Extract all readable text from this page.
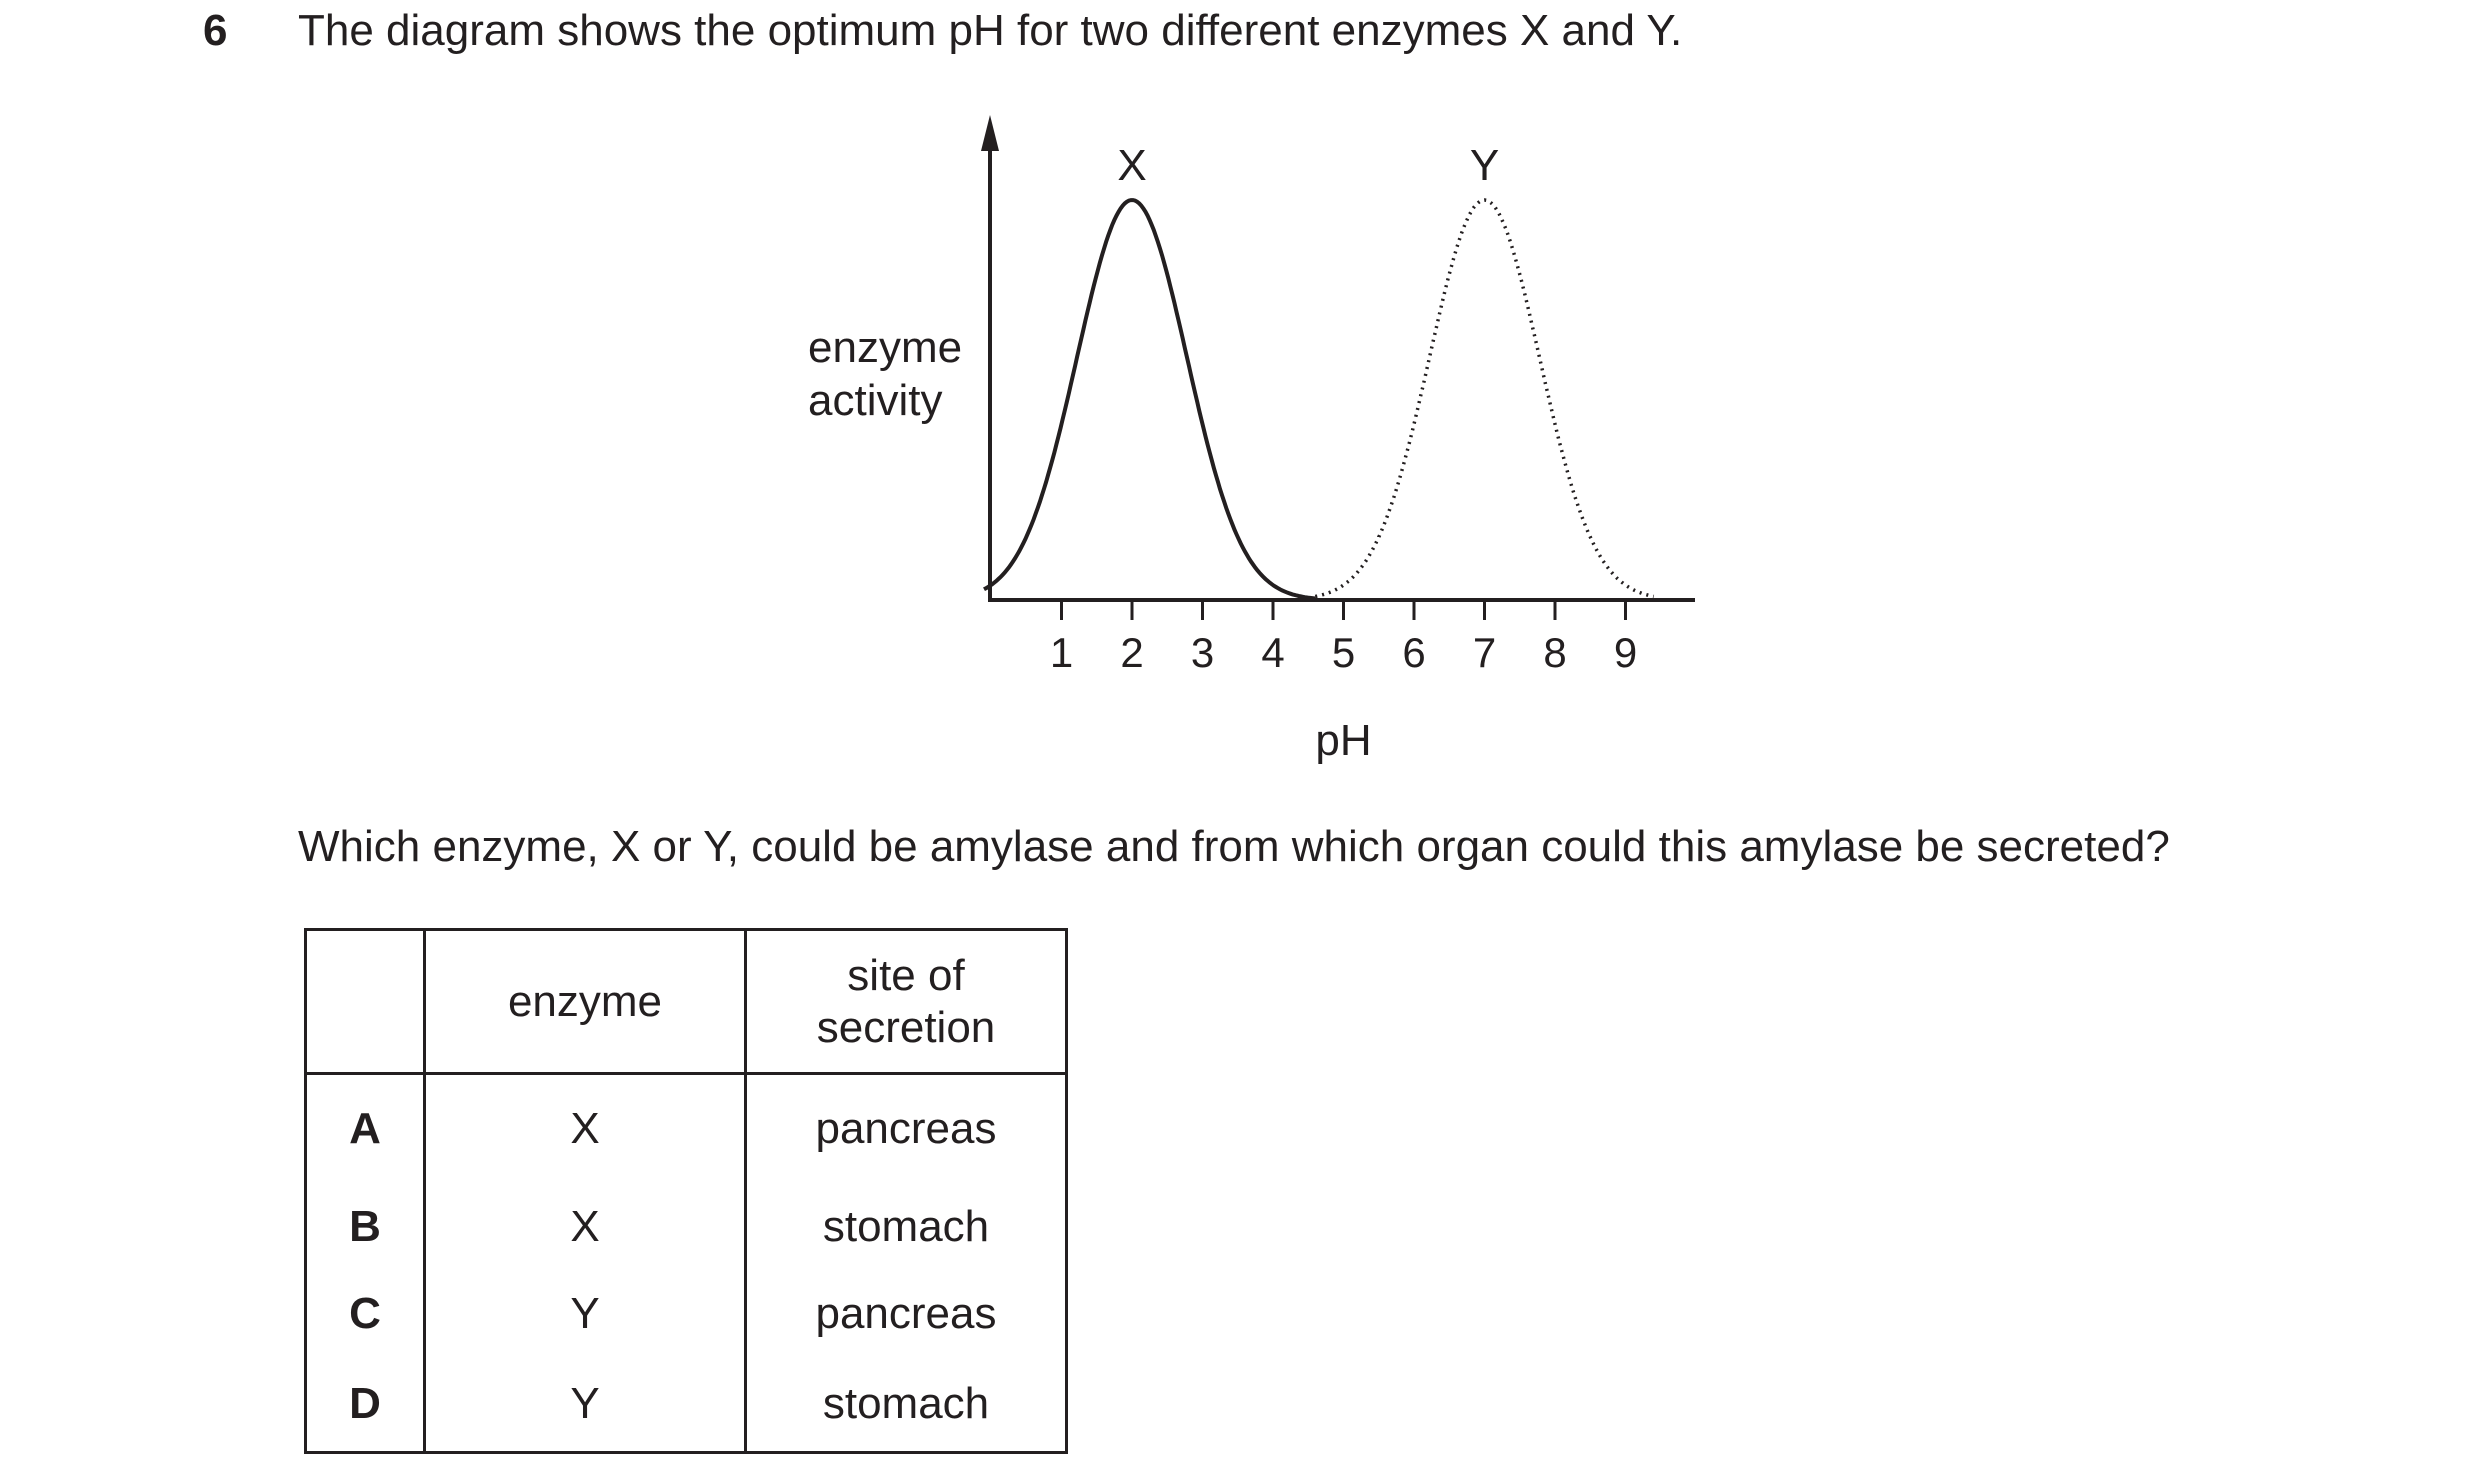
6 The diagram shows the optimum pH for two different enzymes X and Y.
1 2 3 4 5 6 7 8 9
X	Y
enzyme
activity
pH
Which enzyme, X or Y, could be amylase and from which organ could this amylase be secreted?
	enzyme	site of
secretion

A	X	pancreas
B	X	stomach
C	Y	pancreas
D	Y	stomach
